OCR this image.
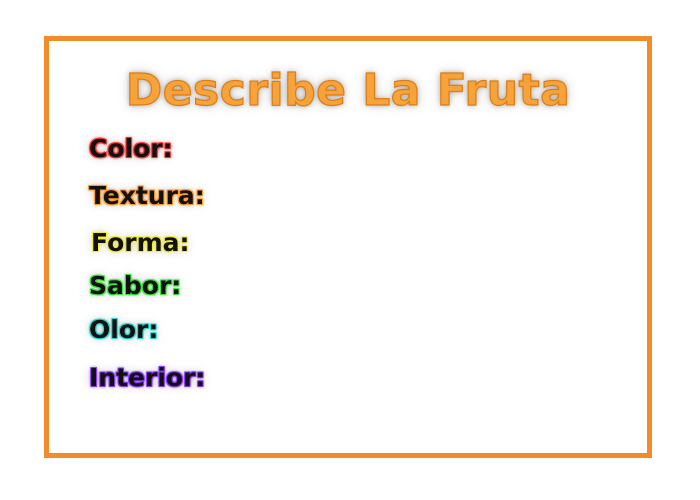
Describe La Fruta
Color:
Textura:
Forma:
Sabor:
Olor:
Interior:
